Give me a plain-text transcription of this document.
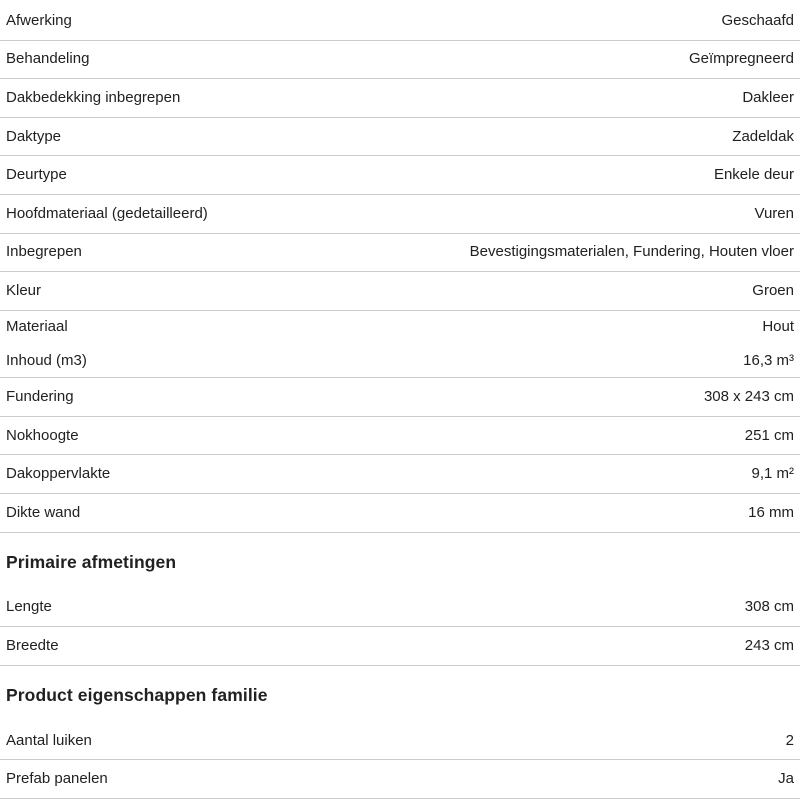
Afwerking	Geschaafd
Behandeling	Geïmpregneerd
Dakbedekking inbegrepen	Dakleer
Daktype	Zadeldak
Deurtype	Enkele deur
Hoofdmateriaal (gedetailleerd)	Vuren
Inbegrepen	Bevestigingsmaterialen, Fundering, Houten vloer
Kleur	Groen
Materiaal	Hout
Inhoud (m3)	16,3 m³
Fundering	308 x 243 cm
Nokhoogte	251 cm
Dakoppervlakte	9,1 m²
Dikte wand	16 mm
Primaire afmetingen
Lengte	308 cm
Breedte	243 cm
Product eigenschappen familie
Aantal luiken	2
Prefab panelen	Ja
